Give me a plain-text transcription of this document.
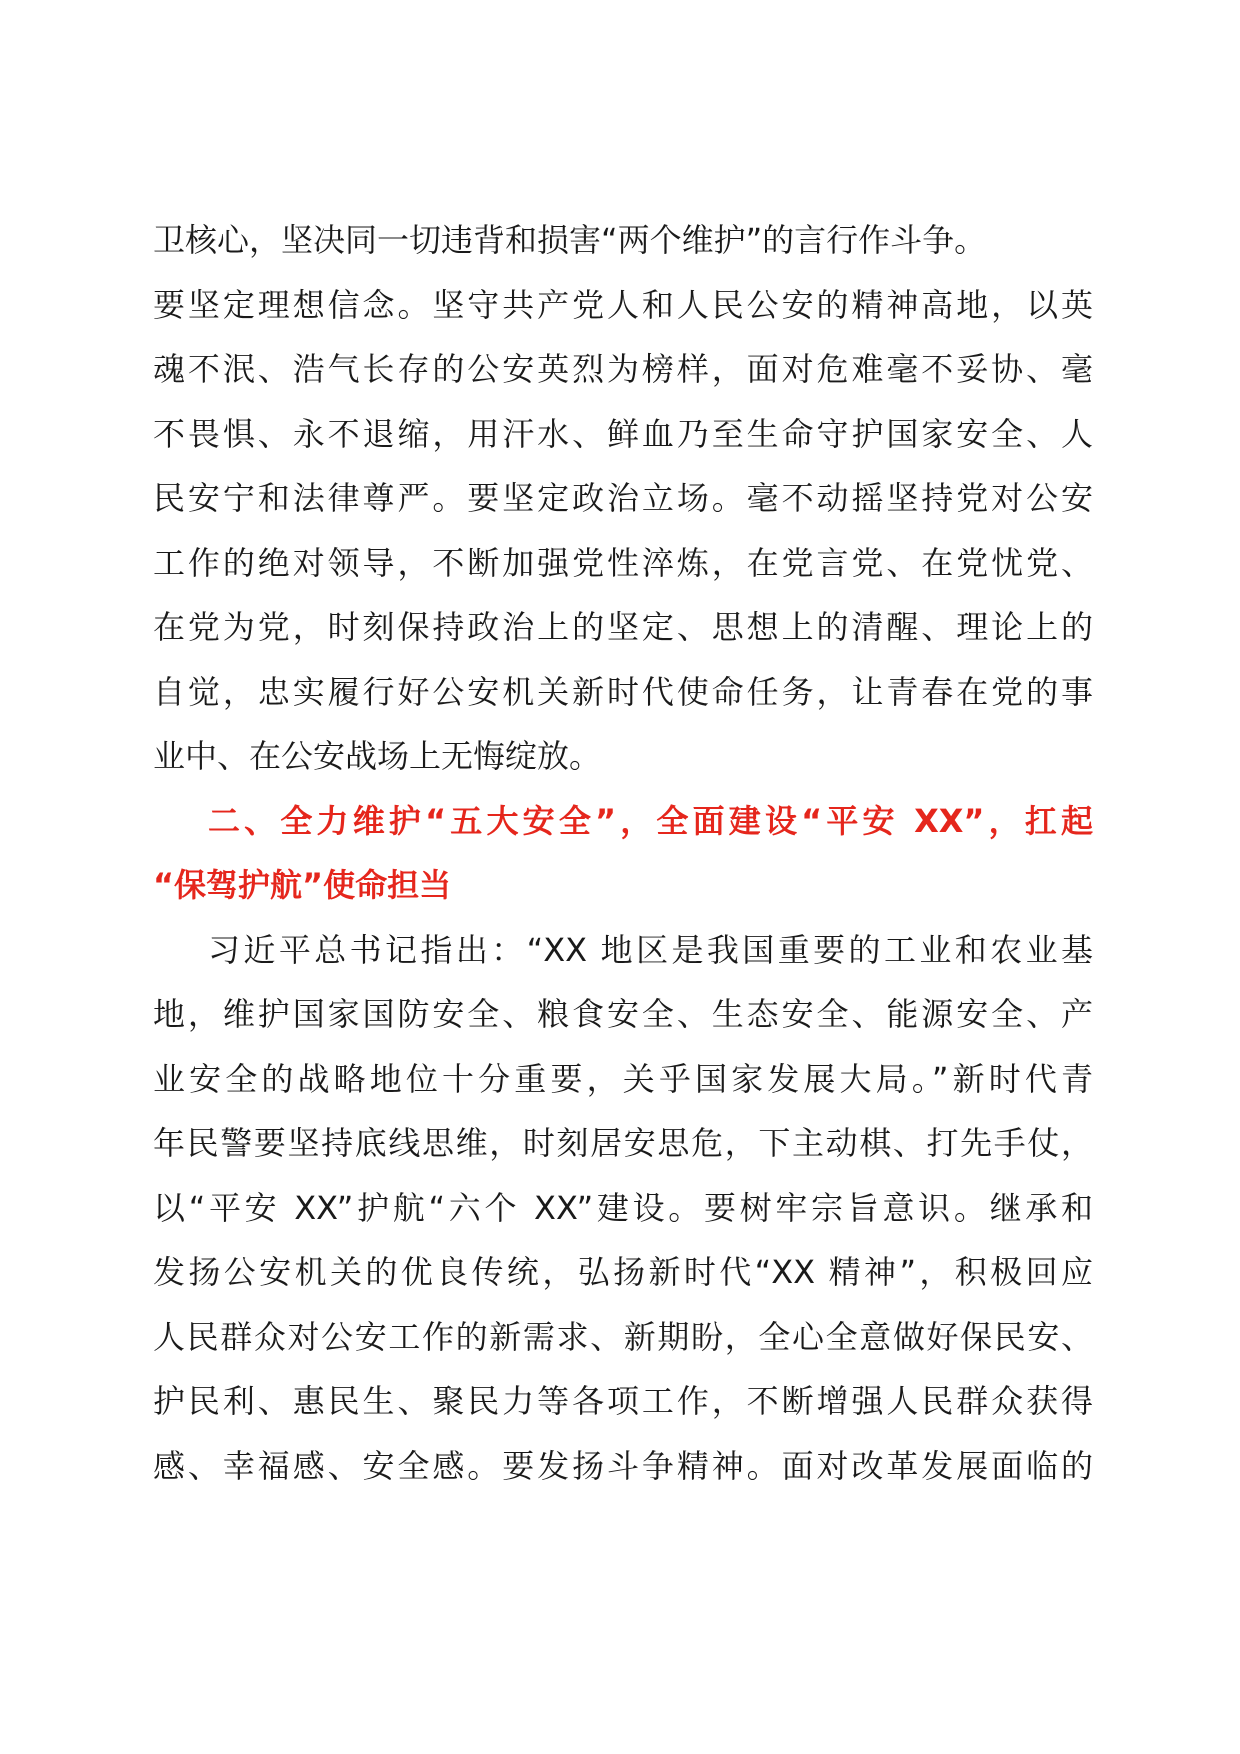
卫核心，坚决同一切违背和损害“两个维护”的言行作斗争。
要坚定理想信念。坚守共产党人和人民公安的精神高地，以英
魂不泯、浩气长存的公安英烈为榜样，面对危难毫不妥协、毫
不畏惧、永不退缩，用汗水、鲜血乃至生命守护国家安全、人
民安宁和法律尊严。要坚定政治立场。毫不动摇坚持党对公安
工作的绝对领导，不断加强党性淬炼，在党言党、在党忧党、
在党为党，时刻保持政治上的坚定、思想上的清醒、理论上的
自觉，忠实履行好公安机关新时代使命任务，让青春在党的事
业中、在公安战场上无悔绽放。
二、全力维护“五大安全”，全面建设“平安 XX”，扛起
“保驾护航”使命担当
习近平总书记指出：“XX 地区是我国重要的工业和农业基
地，维护国家国防安全、粮食安全、生态安全、能源安全、产
业安全的战略地位十分重要，关乎国家发展大局。”新时代青
年民警要坚持底线思维，时刻居安思危，下主动棋、打先手仗，
以“平安 XX”护航“六个 XX”建设。要树牢宗旨意识。继承和
发扬公安机关的优良传统，弘扬新时代“XX 精神”，积极回应
人民群众对公安工作的新需求、新期盼，全心全意做好保民安、
护民利、惠民生、聚民力等各项工作，不断增强人民群众获得
感、幸福感、安全感。要发扬斗争精神。面对改革发展面临的
